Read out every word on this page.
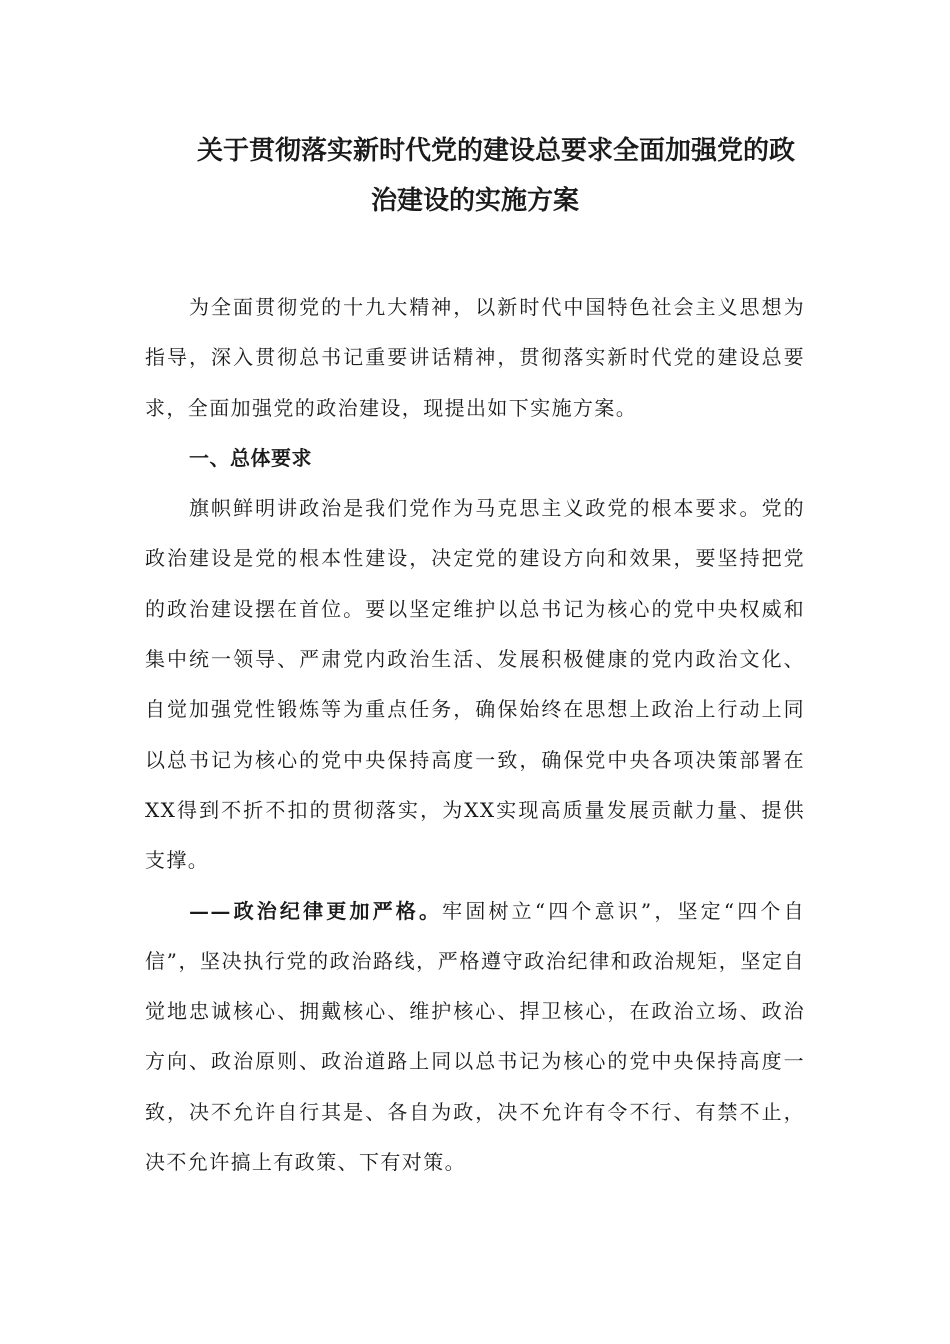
关于贯彻落实新时代党的建设总要求全面加强党的政
治建设的实施方案

为全面贯彻党的十九大精神，以新时代中国特色社会主义思想为指导，深入贯彻总书记重要讲话精神，贯彻落实新时代党的建设总要求，全面加强党的政治建设，现提出如下实施方案。

一、总体要求

旗帜鲜明讲政治是我们党作为马克思主义政党的根本要求。党的政治建设是党的根本性建设，决定党的建设方向和效果，要坚持把党的政治建设摆在首位。要以坚定维护以总书记为核心的党中央权威和集中统一领导、严肃党内政治生活、发展积极健康的党内政治文化、自觉加强党性锻炼等为重点任务，确保始终在思想上政治上行动上同以总书记为核心的党中央保持高度一致，确保党中央各项决策部署在XX得到不折不扣的贯彻落实，为XX实现高质量发展贡献力量、提供支撑。

——政治纪律更加严格。牢固树立“四个意识”，坚定“四个自信”，坚决执行党的政治路线，严格遵守政治纪律和政治规矩，坚定自觉地忠诚核心、拥戴核心、维护核心、捍卫核心，在政治立场、政治方向、政治原则、政治道路上同以总书记为核心的党中央保持高度一致，决不允许自行其是、各自为政，决不允许有令不行、有禁不止，决不允许搞上有政策、下有对策。
